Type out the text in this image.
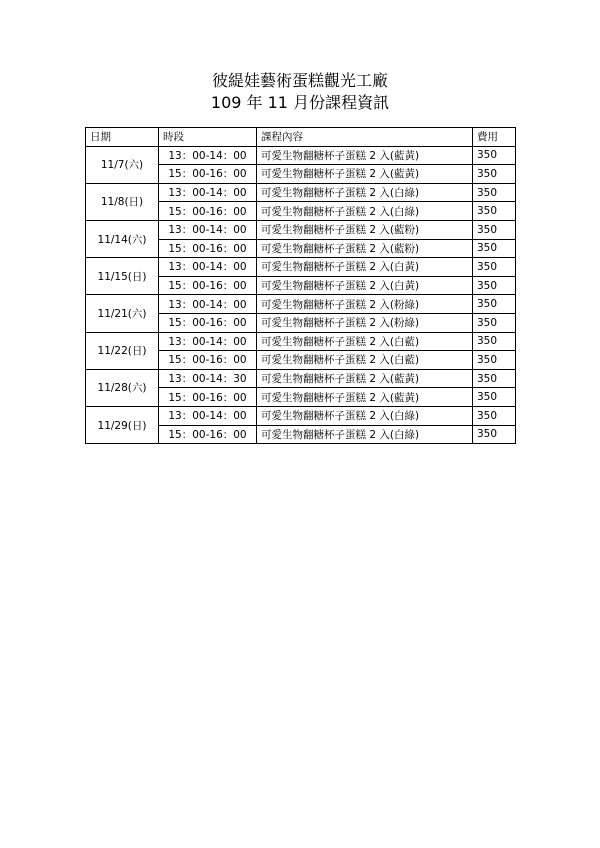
彼緹娃藝術蛋糕觀光工廠
109 年 11 月份課程資訊
日期	時段	課程內容	費用
11/7(六)	13：00-14：00	可愛生物翻糖杯子蛋糕 2 入(藍黃)	350
	15：00-16：00	可愛生物翻糖杯子蛋糕 2 入(藍黃)	350
11/8(日)	13：00-14：00	可愛生物翻糖杯子蛋糕 2 入(白綠)	350
	15：00-16：00	可愛生物翻糖杯子蛋糕 2 入(白綠)	350
11/14(六)	13：00-14：00	可愛生物翻糖杯子蛋糕 2 入(藍粉)	350
	15：00-16：00	可愛生物翻糖杯子蛋糕 2 入(藍粉)	350
11/15(日)	13：00-14：00	可愛生物翻糖杯子蛋糕 2 入(白黃)	350
	15：00-16：00	可愛生物翻糖杯子蛋糕 2 入(白黃)	350
11/21(六)	13：00-14：00	可愛生物翻糖杯子蛋糕 2 入(粉綠)	350
	15：00-16：00	可愛生物翻糖杯子蛋糕 2 入(粉綠)	350
11/22(日)	13：00-14：00	可愛生物翻糖杯子蛋糕 2 入(白藍)	350
	15：00-16：00	可愛生物翻糖杯子蛋糕 2 入(白藍)	350
11/28(六)	13：00-14：30	可愛生物翻糖杯子蛋糕 2 入(藍黃)	350
	15：00-16：00	可愛生物翻糖杯子蛋糕 2 入(藍黃)	350
11/29(日)	13：00-14：00	可愛生物翻糖杯子蛋糕 2 入(白綠)	350
	15：00-16：00	可愛生物翻糖杯子蛋糕 2 入(白綠)	350
